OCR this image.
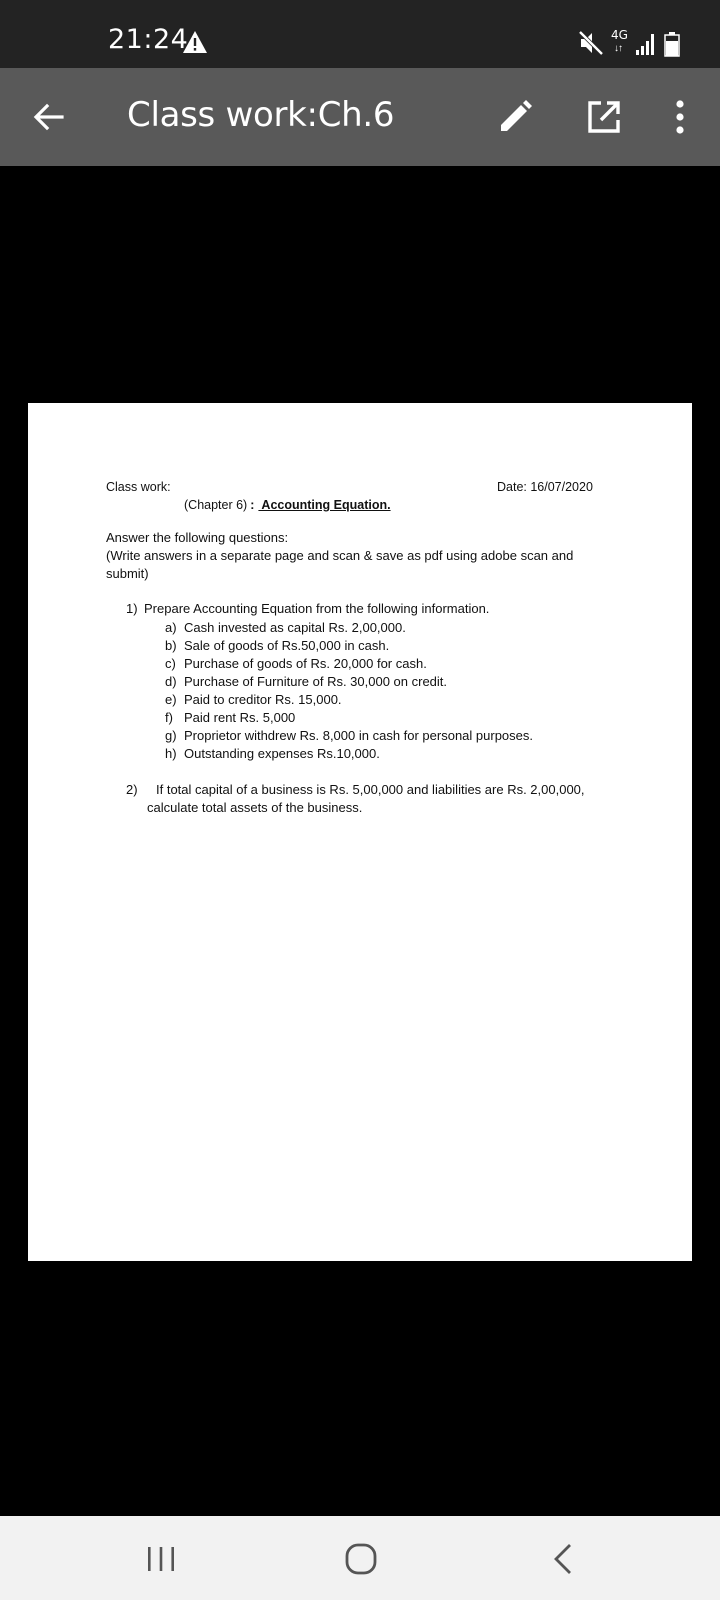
21:24	4G
↓↑
Class work:Ch.6
Class work:	Date: 16/07/2020
(Chapter 6) : Accounting Equation.
Answer the following questions:
(Write answers in a separate page and scan & save as pdf using adobe scan and submit)
1) Prepare Accounting Equation from the following information.
a) Cash invested as capital Rs. 2,00,000.
b) Sale of goods of Rs.50,000 in cash.
c) Purchase of goods of Rs. 20,000 for cash.
d) Purchase of Furniture of Rs. 30,000 on credit.
e) Paid to creditor Rs. 15,000.
f) Paid rent Rs. 5,000
g) Proprietor withdrew Rs. 8,000 in cash for personal purposes.
h) Outstanding expenses Rs.10,000.
2) If total capital of a business is Rs. 5,00,000 and liabilities are Rs. 2,00,000,
calculate total assets of the business.
